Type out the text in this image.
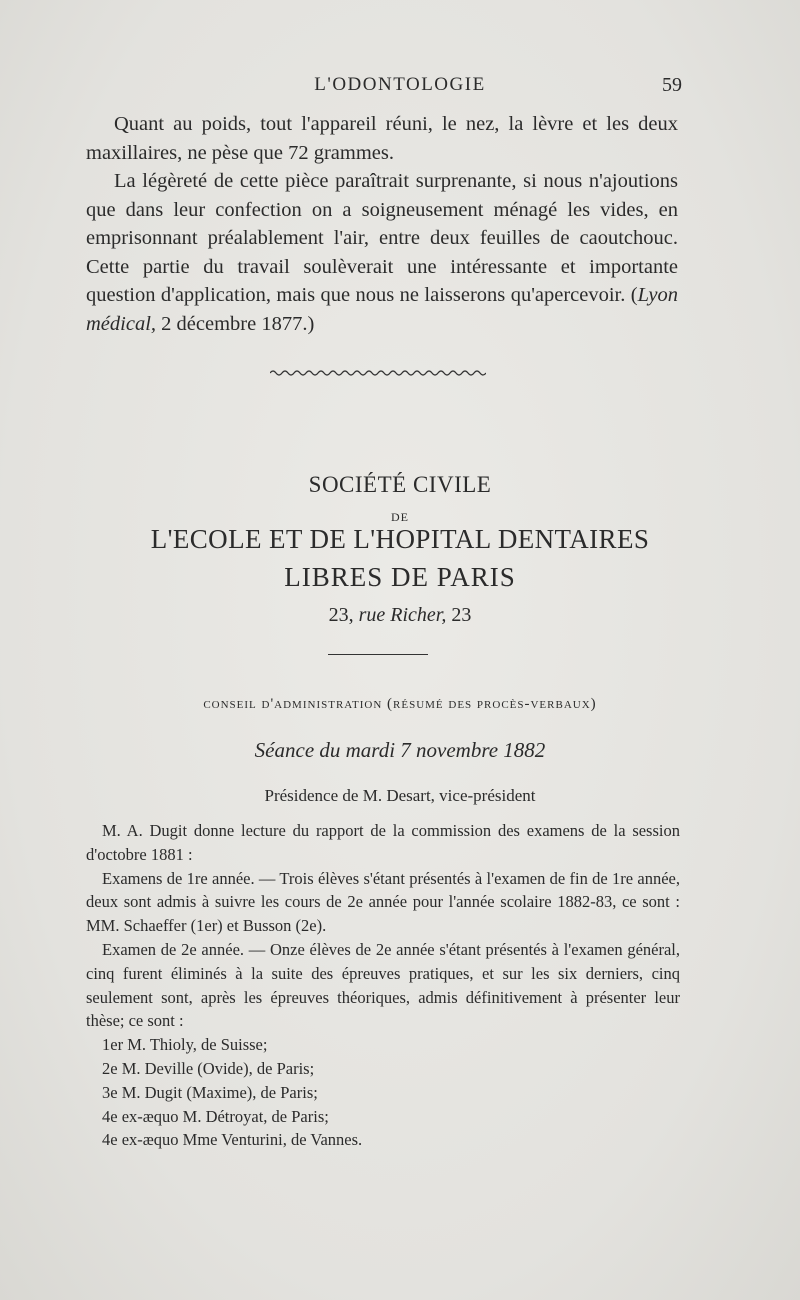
L'ODONTOLOGIE	59

Quant au poids, tout l'appareil réuni, le nez, la lèvre et les deux maxillaires, ne pèse que 72 grammes.

La légèreté de cette pièce paraîtrait surprenante, si nous n'ajoutions que dans leur confection on a soigneusement ménagé les vides, en emprisonnant préalablement l'air, entre deux feuilles de caoutchouc. Cette partie du travail soulèverait une intéressante et importante question d'application, mais que nous ne laisserons qu'apercevoir. (Lyon médical, 2 décembre 1877.)

SOCIÉTÉ CIVILE
DE
L'ECOLE ET DE L'HOPITAL DENTAIRES
LIBRES DE PARIS
23, rue Richer, 23
conseil d'administration (résumé des procès-verbaux)
Séance du mardi 7 novembre 1882
Présidence de M. Desart, vice-président

M. A. Dugit donne lecture du rapport de la commission des examens de la session d'octobre 1881 :

Examens de 1re année. — Trois élèves s'étant présentés à l'examen de fin de 1re année, deux sont admis à suivre les cours de 2e année pour l'année scolaire 1882-83, ce sont : MM. Schaeffer (1er) et Busson (2e).

Examen de 2e année. — Onze élèves de 2e année s'étant présentés à l'examen général, cinq furent éliminés à la suite des épreuves pratiques, et sur les six derniers, cinq seulement sont, après les épreuves théoriques, admis définitivement à présenter leur thèse; ce sont :

1er M. Thioly, de Suisse;
2e M. Deville (Ovide), de Paris;
3e M. Dugit (Maxime), de Paris;
4e ex-æquo M. Détroyat, de Paris;
4e ex-æquo Mme Venturini, de Vannes.
